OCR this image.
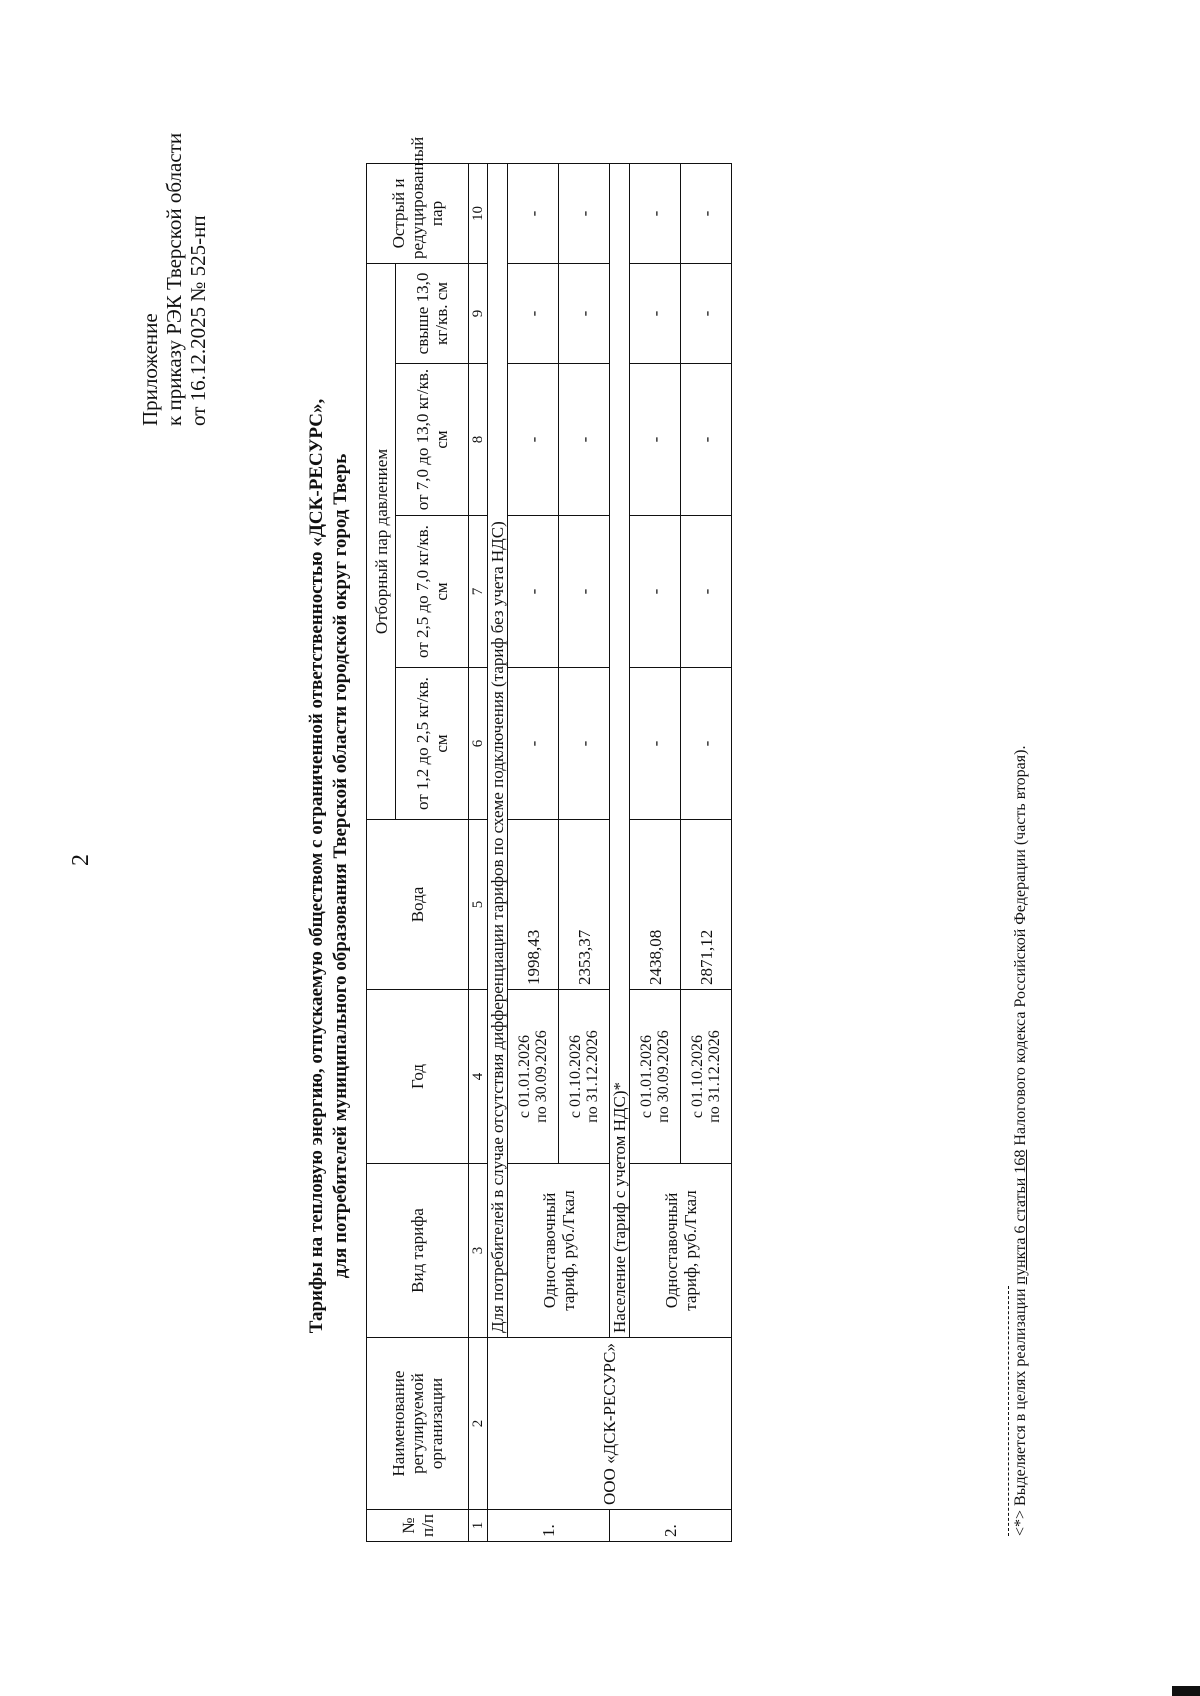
2
Приложение к приказу РЭК Тверской области от 16.12.2025 № 525-нп
Тарифы на тепловую энергию, отпускаемую обществом с ограниченной ответственностью «ДСК-РЕСУРС», для потребителей муниципального образования Тверской области городской округ город Тверь
№ п/п	Наименование регулируемой организации	Вид тарифа	Год	Вода	Отборный пар давлением				Острый и редуцированный пар
					от 1,2 до 2,5 кг/кв. см	от 2,5 до 7,0 кг/кв. см	от 7,0 до 13,0 кг/кв. см	свыше 13,0 кг/кв. см	
1	2	3	4	5	6	7	8	9	10
1.	ООО «ДСК-РЕСУРС»	Для потребителей в случае отсутствия дифференциации тарифов по схеме подключения (тариф без учета НДС)							
		Одноставочный тариф, руб./Гкал	с 01.01.2026 по 30.09.2026	1998,43	-	-	-	-	-

			с 01.10.2026 по 31.12.2026	2353,37	-	-	-	-	-
2.		Население (тариф с учетом НДС)*							
		Одноставочный тариф, руб./Гкал	с 01.01.2026 по 30.09.2026	2438,08	-	-	-	-	-

			с 01.10.2026 по 31.12.2026	2871,12	-	-	-	-	-
<*> Выделяется в целях реализации пункта 6 статьи 168 Налогового кодекса Российской Федерации (часть вторая).
